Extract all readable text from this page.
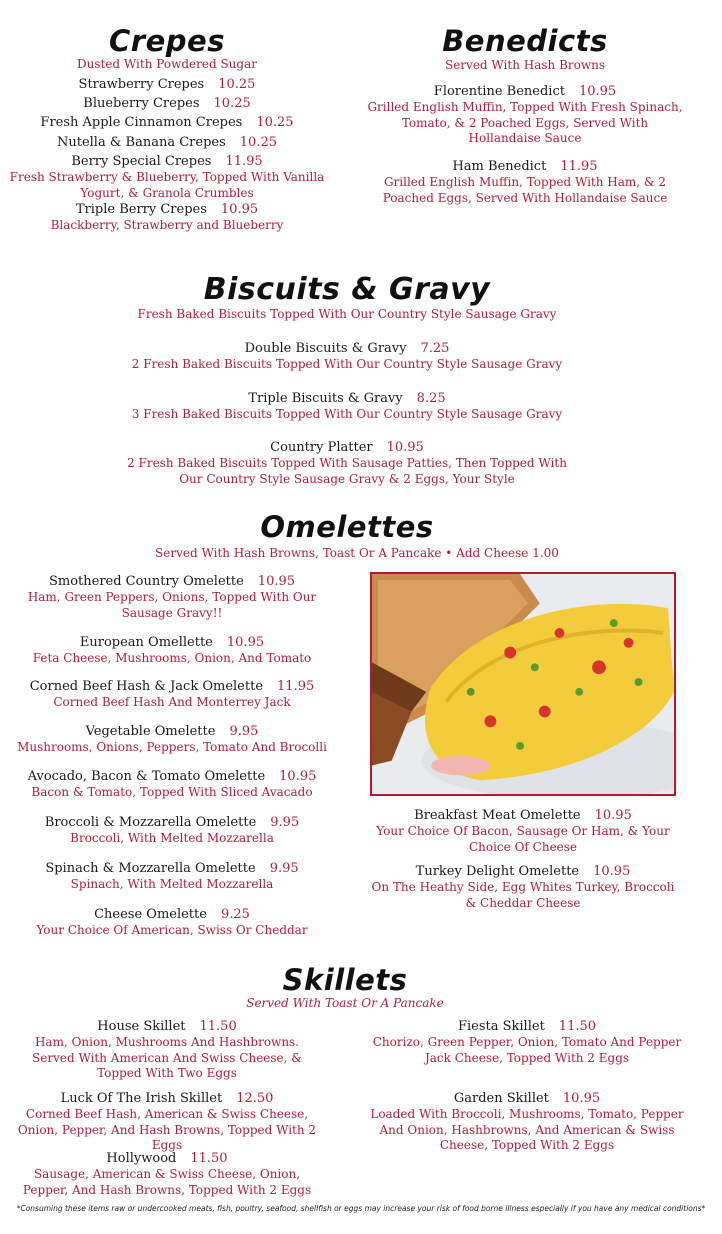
Crepes
Dusted With Powdered Sugar
Strawberry Crepes 10.25
Blueberry Crepes 10.25
Fresh Apple Cinnamon Crepes 10.25
Nutella & Banana Crepes 10.25
Berry Special Crepes 11.95
Fresh Strawberry & Blueberry, Topped With Vanilla Yogurt, & Granola Crumbles
Triple Berry Crepes 10.95
Blackberry, Strawberry and Blueberry
Benedicts
Served With Hash Browns
Florentine Benedict 10.95
Grilled English Muffin, Topped With Fresh Spinach, Tomato, & 2 Poached Eggs, Served With Hollandaise Sauce
Ham Benedict 11.95
Grilled English Muffin, Topped With Ham, & 2 Poached Eggs, Served With Hollandaise Sauce
Biscuits & Gravy
Fresh Baked Biscuits Topped With Our Country Style Sausage Gravy
Double Biscuits & Gravy 7.25
2 Fresh Baked Biscuits Topped With Our Country Style Sausage Gravy
Triple Biscuits & Gravy 8.25
3 Fresh Baked Biscuits Topped With Our Country Style Sausage Gravy
Country Platter 10.95
2 Fresh Baked Biscuits Topped With Sausage Patties, Then Topped With Our Country Style Sausage Gravy & 2 Eggs, Your Style
Omelettes
Served With Hash Browns, Toast Or A Pancake • Add Cheese 1.00
Smothered Country Omelette 10.95
Ham, Green Peppers, Onions, Topped With Our Sausage Gravy!!
European Omellette 10.95
Feta Cheese, Mushrooms, Onion, And Tomato
Corned Beef Hash & Jack Omelette 11.95
Corned Beef Hash And Monterrey Jack
Vegetable Omelette 9.95
Mushrooms, Onions, Peppers, Tomato And Brocolli
Avocado, Bacon & Tomato Omelette 10.95
Bacon & Tomato, Topped With Sliced Avacado
Broccoli & Mozzarella Omelette 9.95
Broccoli, With Melted Mozzarella
Spinach & Mozzarella Omelette 9.95
Spinach, With Melted Mozzarella
Cheese Omelette 9.25
Your Choice Of American, Swiss Or Cheddar
Breakfast Meat Omelette 10.95
Your Choice Of Bacon, Sausage Or Ham, & Your Choice Of Cheese
Turkey Delight Omelette 10.95
On The Heathy Side, Egg Whites Turkey, Broccoli & Cheddar Cheese
Skillets
Served With Toast Or A Pancake
House Skillet 11.50
Ham, Onion, Mushrooms And Hashbrowns. Served With American And Swiss Cheese, & Topped With Two Eggs
Luck Of The Irish Skillet 12.50
Corned Beef Hash, American & Swiss Cheese, Onion, Pepper, And Hash Browns, Topped With 2 Eggs
Hollywood 11.50
Sausage, American & Swiss Cheese, Onion, Pepper, And Hash Browns, Topped With 2 Eggs
Fiesta Skillet 11.50
Chorizo, Green Pepper, Onion, Tomato And Pepper Jack Cheese, Topped With 2 Eggs
Garden Skillet 10.95
Loaded With Broccoli, Mushrooms, Tomato, Pepper And Onion, Hashbrowns, And American & Swiss Cheese, Topped With 2 Eggs
*Consuming these items raw or undercooked meats, fish, poultry, seafood, shellfish or eggs may increase your risk of food borne illness especially if you have any medical conditions*
